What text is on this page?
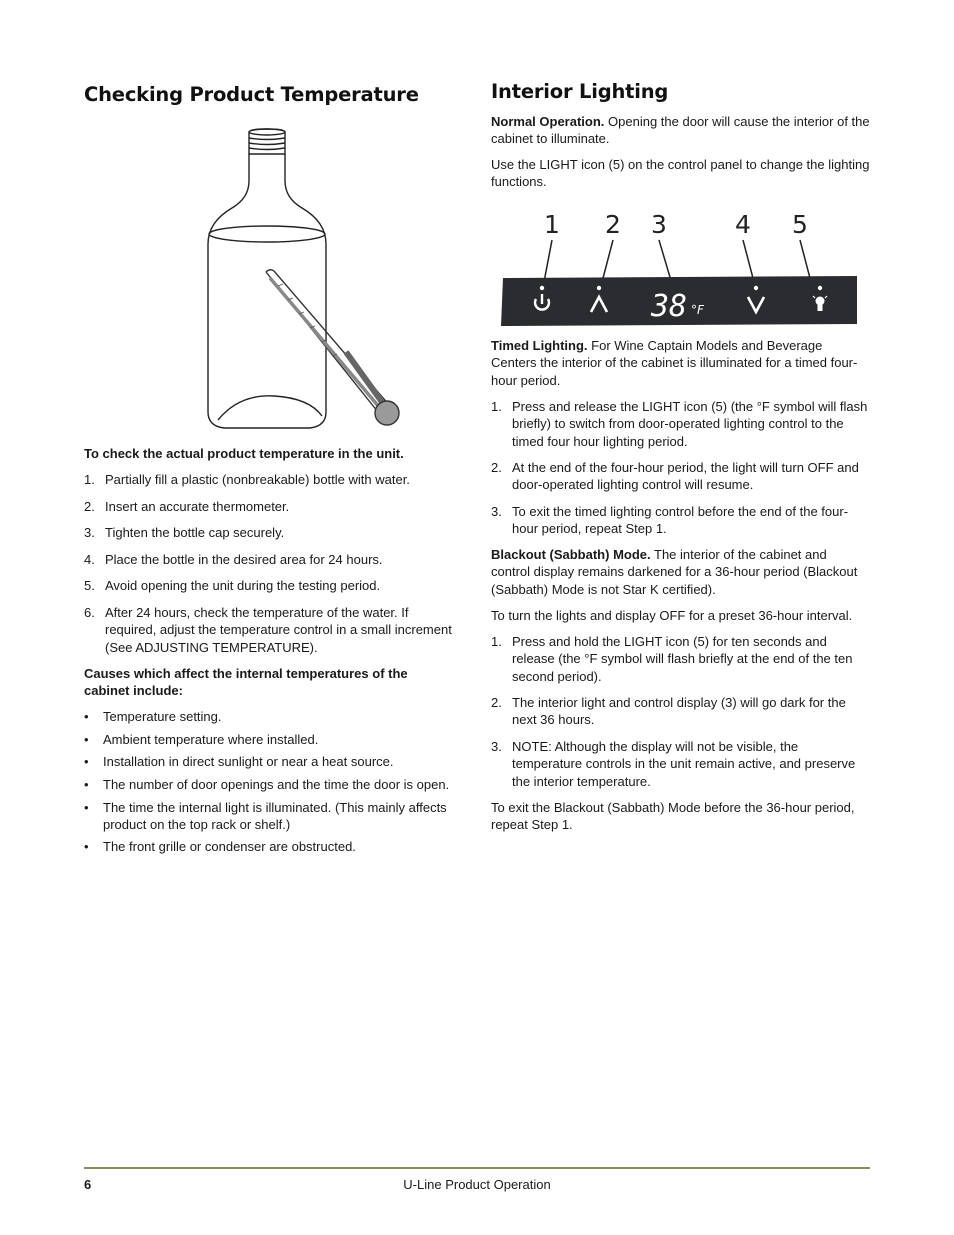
Checking Product Temperature

To check the actual product temperature in the unit.

1. Partially fill a plastic (nonbreakable) bottle with water.
2. Insert an accurate thermometer.
3. Tighten the bottle cap securely.
4. Place the bottle in the desired area for 24 hours.
5. Avoid opening the unit during the testing period.
6. After 24 hours, check the temperature of the water. If required, adjust the temperature control in a small increment (See ADJUSTING TEMPERATURE).

Causes which affect the internal temperatures of the cabinet include:

• Temperature setting.
• Ambient temperature where installed.
• Installation in direct sunlight or near a heat source.
• The number of door openings and the time the door is open.
• The time the internal light is illuminated. (This mainly affects product on the top rack or shelf.)
• The front grille or condenser are obstructed.
Interior Lighting

Normal Operation. Opening the door will cause the interior of the cabinet to illuminate.

Use the LIGHT icon (5) on the control panel to change the lighting functions.

1 2 3	4 5
38 °F

Timed Lighting. For Wine Captain Models and Beverage Centers the interior of the cabinet is illuminated for a timed four-hour period.

1. Press and release the LIGHT icon (5) (the °F symbol will flash briefly) to switch from door-operated lighting control to the timed four hour lighting period.
2. At the end of the four-hour period, the light will turn OFF and door-operated lighting control will resume.
3. To exit the timed lighting control before the end of the four-hour period, repeat Step 1.

Blackout (Sabbath) Mode. The interior of the cabinet and control display remains darkened for a 36-hour period (Blackout (Sabbath) Mode is not Star K certified).

To turn the lights and display OFF for a preset 36-hour interval.

1. Press and hold the LIGHT icon (5) for ten seconds and release (the °F symbol will flash briefly at the end of the ten second period).
2. The interior light and control display (3) will go dark for the next 36 hours.
3. NOTE: Although the display will not be visible, the temperature controls in the unit remain active, and preserve the interior temperature.

To exit the Blackout (Sabbath) Mode before the 36-hour period, repeat Step 1.

6	U-Line Product Operation
